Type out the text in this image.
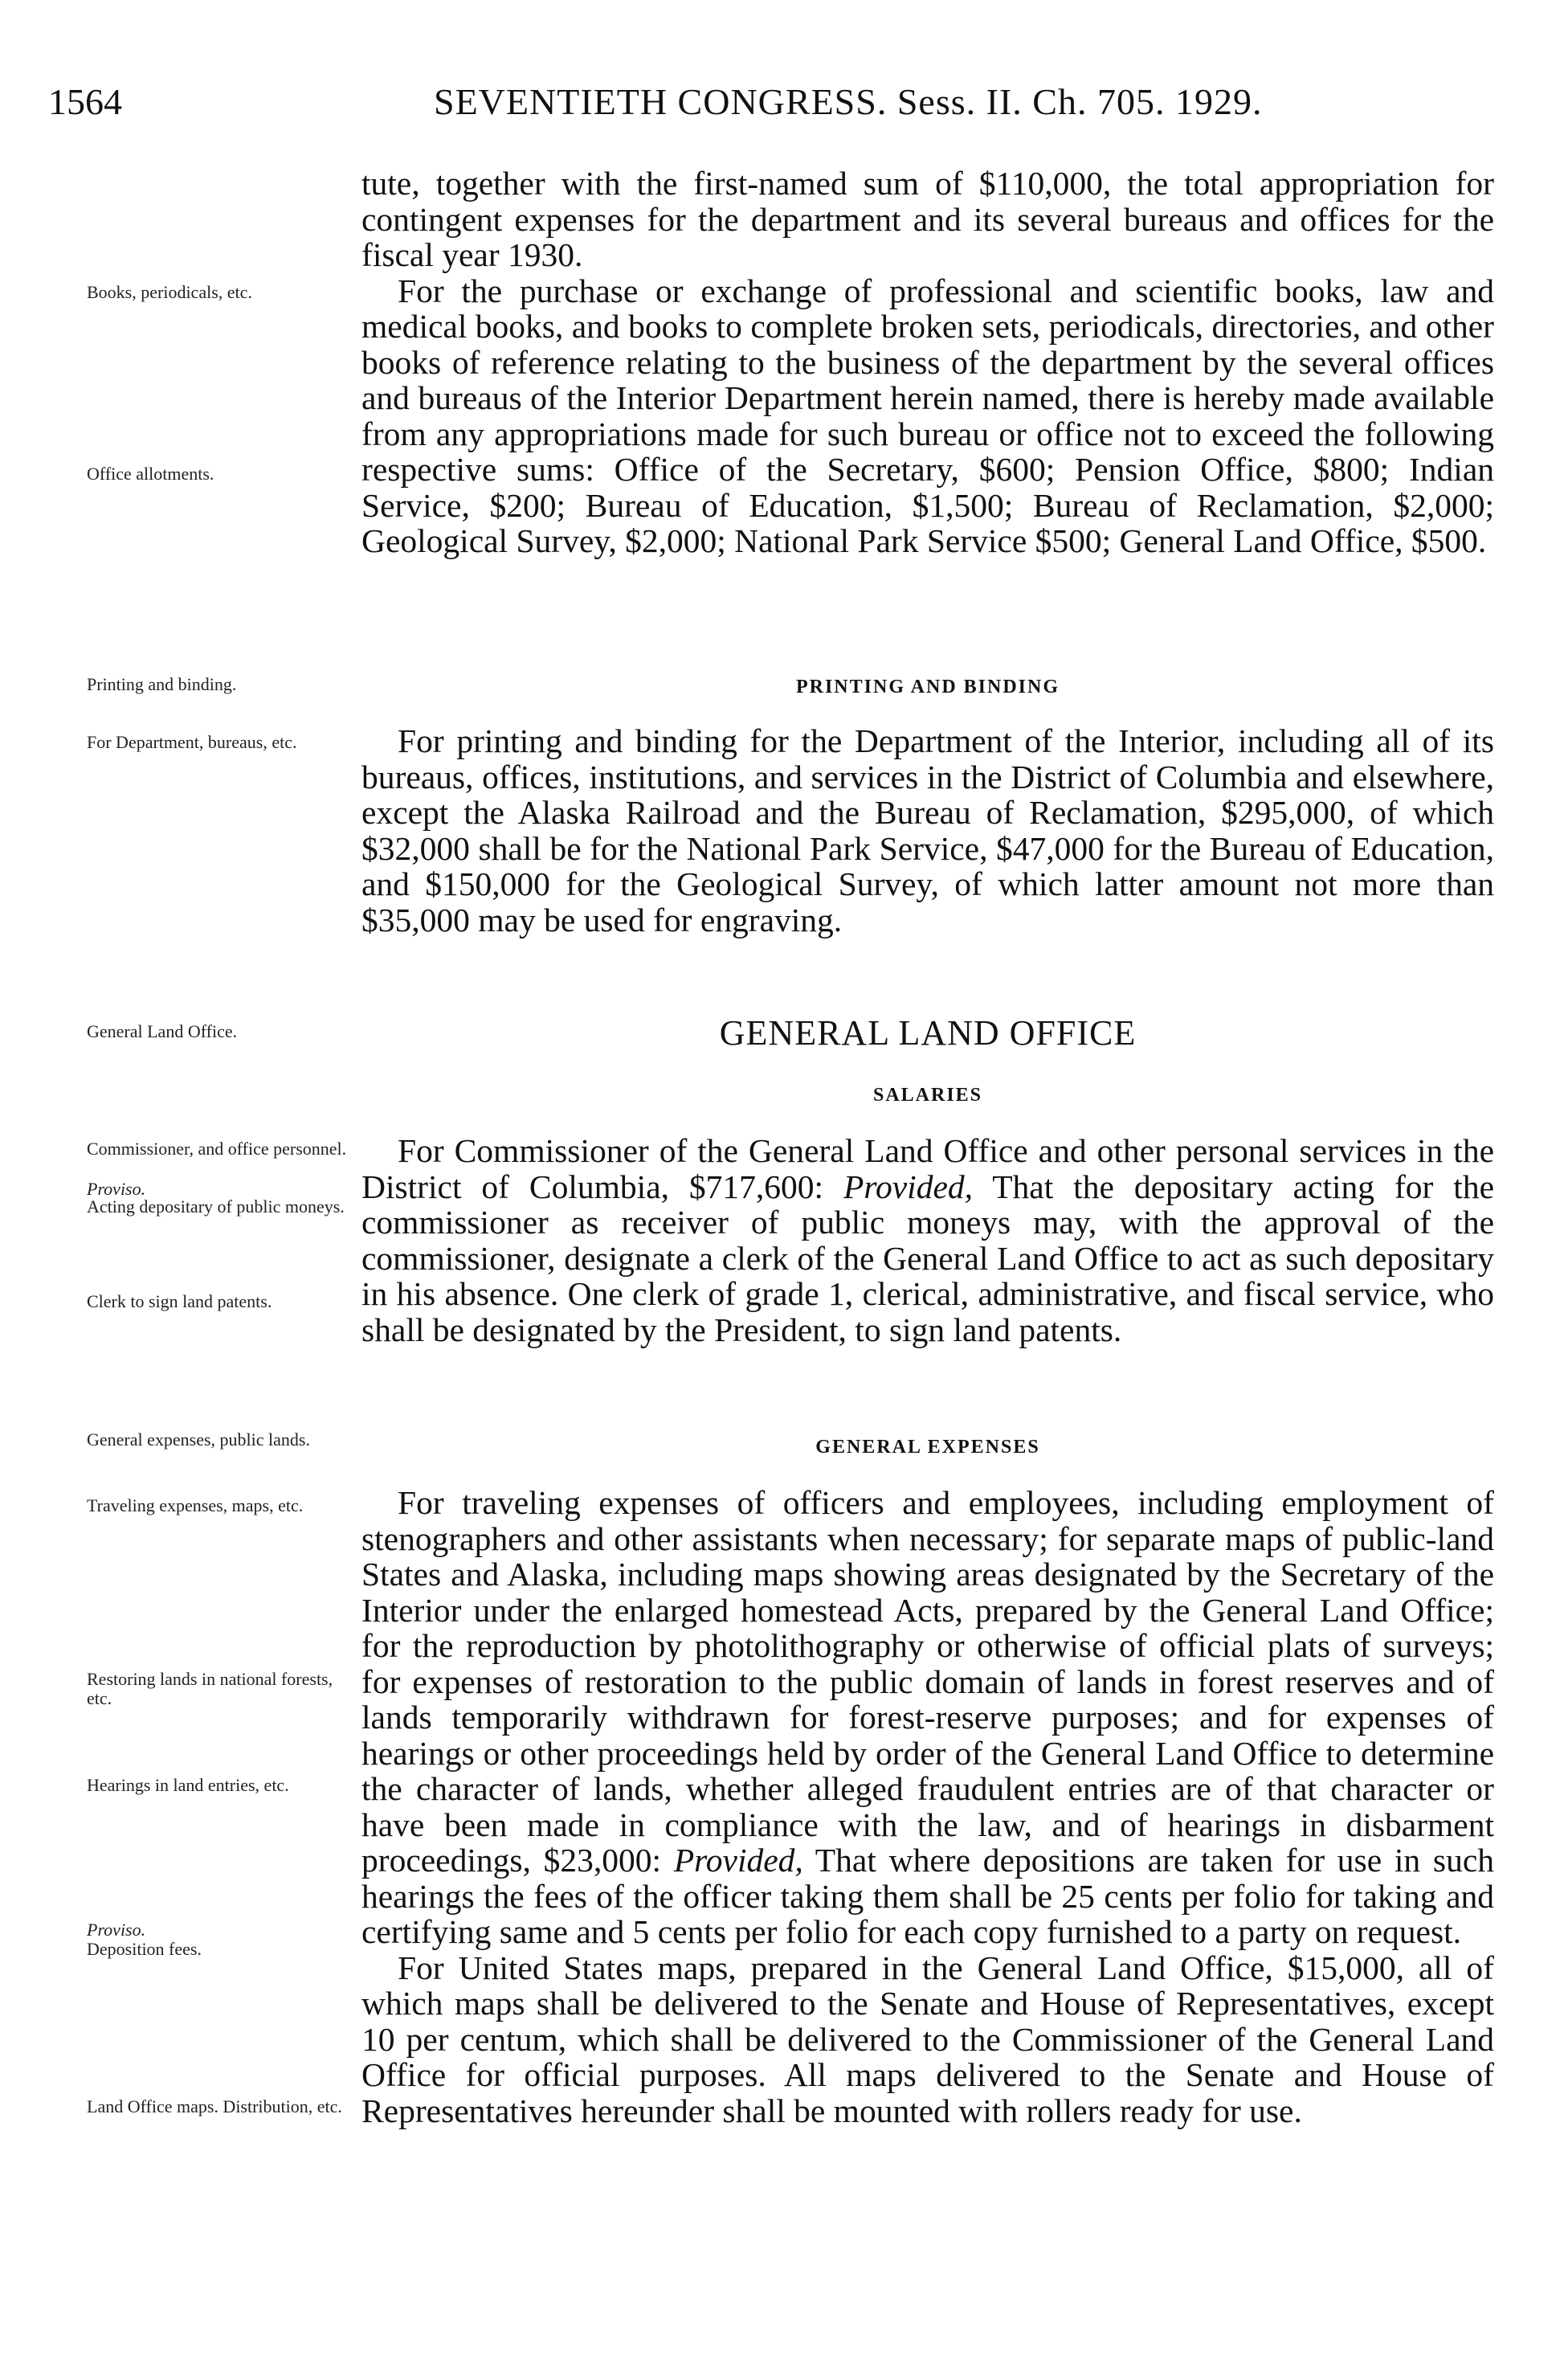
1564	SEVENTIETH CONGRESS. Sess. II. Ch. 705. 1929.
Books, periodicals, etc.
Office allotments.
Printing and binding.
For Department, bureaus, etc.
General Land Office.
Commissioner, and office personnel.
Proviso.
Acting depositary of public moneys.
Clerk to sign land patents.
General expenses, public lands.
Traveling expenses, maps, etc.
Restoring lands in national forests, etc.
Hearings in land entries, etc.
Proviso.
Deposition fees.
Land Office maps. Distribution, etc.

tute, together with the first-named sum of $110,000, the total appropriation for contingent expenses for the department and its several bureaus and offices for the fiscal year 1930.

For the purchase or exchange of professional and scientific books, law and medical books, and books to complete broken sets, periodicals, directories, and other books of reference relating to the business of the department by the several offices and bureaus of the Interior Department herein named, there is hereby made available from any appropriations made for such bureau or office not to exceed the following respective sums: Office of the Secretary, $600; Pension Office, $800; Indian Service, $200; Bureau of Education, $1,500; Bureau of Reclamation, $2,000; Geological Survey, $2,000; National Park Service $500; General Land Office, $500.

PRINTING AND BINDING

For printing and binding for the Department of the Interior, including all of its bureaus, offices, institutions, and services in the District of Columbia and elsewhere, except the Alaska Railroad and the Bureau of Reclamation, $295,000, of which $32,000 shall be for the National Park Service, $47,000 for the Bureau of Education, and $150,000 for the Geological Survey, of which latter amount not more than $35,000 may be used for engraving.

GENERAL LAND OFFICE
SALARIES

For Commissioner of the General Land Office and other personal services in the District of Columbia, $717,600: Provided, That the depositary acting for the commissioner as receiver of public moneys may, with the approval of the commissioner, designate a clerk of the General Land Office to act as such depositary in his absence. One clerk of grade 1, clerical, administrative, and fiscal service, who shall be designated by the President, to sign land patents.

GENERAL EXPENSES

For traveling expenses of officers and employees, including employment of stenographers and other assistants when necessary; for separate maps of public-land States and Alaska, including maps showing areas designated by the Secretary of the Interior under the enlarged homestead Acts, prepared by the General Land Office; for the reproduction by photolithography or otherwise of official plats of surveys; for expenses of restoration to the public domain of lands in forest reserves and of lands temporarily withdrawn for forest-reserve purposes; and for expenses of hearings or other proceedings held by order of the General Land Office to determine the character of lands, whether alleged fraudulent entries are of that character or have been made in compliance with the law, and of hearings in disbarment proceedings, $23,000: Provided, That where depositions are taken for use in such hearings the fees of the officer taking them shall be 25 cents per folio for taking and certifying same and 5 cents per folio for each copy furnished to a party on request.

For United States maps, prepared in the General Land Office, $15,000, all of which maps shall be delivered to the Senate and House of Representatives, except 10 per centum, which shall be delivered to the Commissioner of the General Land Office for official purposes. All maps delivered to the Senate and House of Representatives hereunder shall be mounted with rollers ready for use.
